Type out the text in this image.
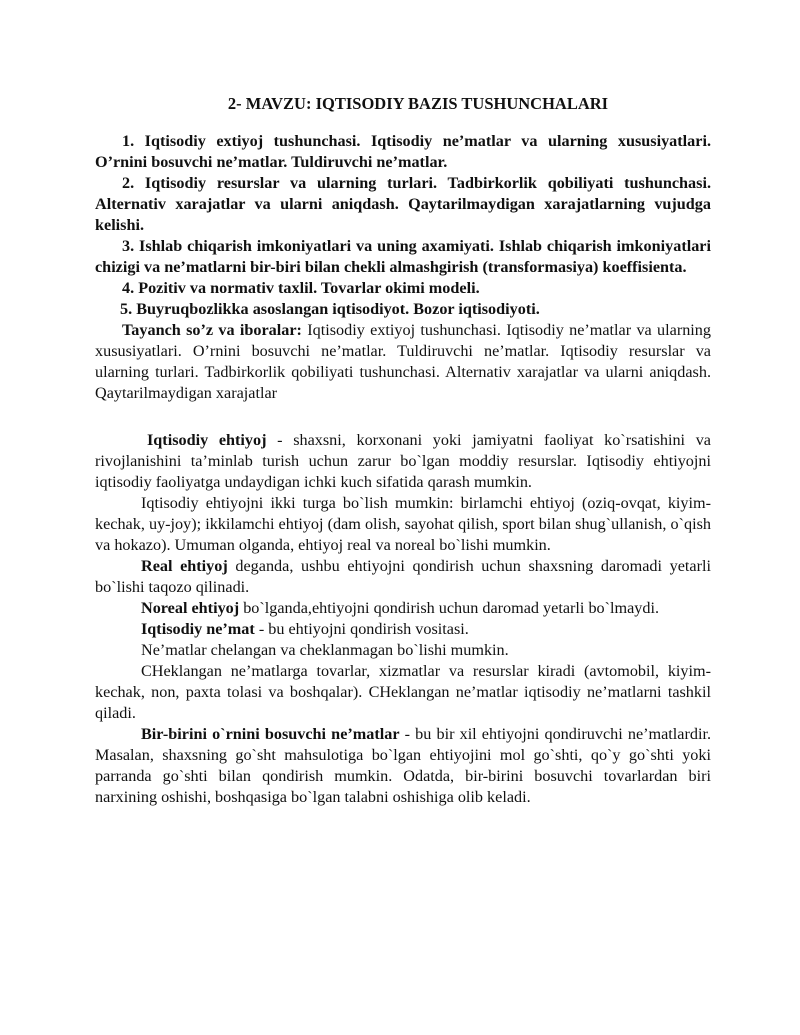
2- MAVZU: IQTISODIY BAZIS TUSHUNCHALARI

1. Iqtisodiy extiyoj tushunchasi. Iqtisodiy ne’matlar va ularning xususiyatlari. O’rnini bosuvchi ne’matlar. Tuldiruvchi ne’matlar.

2. Iqtisodiy resurslar va ularning turlari. Tadbirkorlik qobiliyati tushunchasi. Alternativ xarajatlar va ularni aniqdash. Qaytarilmaydigan xarajatlarning vujudga kelishi.

3. Ishlab chiqarish imkoniyatlari va uning axamiyati. Ishlab chiqarish imkoniyatlari chizigi va ne’matlarni bir-biri bilan chekli almashgirish (transformasiya) koeffisienta.

4. Pozitiv va normativ taxlil. Tovarlar okimi modeli.

5. Buyruqbozlikka asoslangan iqtisodiyot. Bozor iqtisodiyoti.

Tayanch so’z va iboralar: Iqtisodiy extiyoj tushunchasi. Iqtisodiy ne’matlar va ularning xususiyatlari. O’rnini bosuvchi ne’matlar. Tuldiruvchi ne’matlar. Iqtisodiy resurslar va ularning turlari. Tadbirkorlik qobiliyati tushunchasi. Alternativ xarajatlar va ularni aniqdash. Qaytarilmaydigan xarajatlar

Iqtisodiy ehtiyoj - shaxsni, korxonani yoki jamiyatni faoliyat ko`rsatishini va rivojlanishini ta’minlab turish uchun zarur bo`lgan moddiy resurslar. Iqtisodiy ehtiyojni iqtisodiy faoliyatga undaydigan ichki kuch sifatida qarash mumkin.

Iqtisodiy ehtiyojni ikki turga bo`lish mumkin: birlamchi ehtiyoj (oziq-ovqat, kiyim-kechak, uy-joy); ikkilamchi ehtiyoj (dam olish, sayohat qilish, sport bilan shug`ullanish, o`qish va hokazo). Umuman olganda, ehtiyoj real va noreal bo`lishi mumkin.

Real ehtiyoj deganda, ushbu ehtiyojni qondirish uchun shaxsning daromadi yetarli bo`lishi taqozo qilinadi.

Noreal ehtiyoj bo`lganda,ehtiyojni qondirish uchun daromad yetarli bo`lmaydi.

Iqtisodiy ne’mat - bu ehtiyojni qondirish vositasi.

Ne’matlar chelangan va cheklanmagan bo`lishi mumkin.

CHeklangan ne’matlarga tovarlar, xizmatlar va resurslar kiradi (avtomobil, kiyim-kechak, non, paxta tolasi va boshqalar). CHeklangan ne’matlar iqtisodiy ne’matlarni tashkil qiladi.

Bir-birini o`rnini bosuvchi ne’matlar - bu bir xil ehtiyojni qondiruvchi ne’matlardir. Masalan, shaxsning go`sht mahsulotiga bo`lgan ehtiyojini mol go`shti, qo`y go`shti yoki parranda go`shti bilan qondirish mumkin. Odatda, bir-birini bosuvchi tovarlardan biri narxining oshishi, boshqasiga bo`lgan talabni oshishiga olib keladi.
